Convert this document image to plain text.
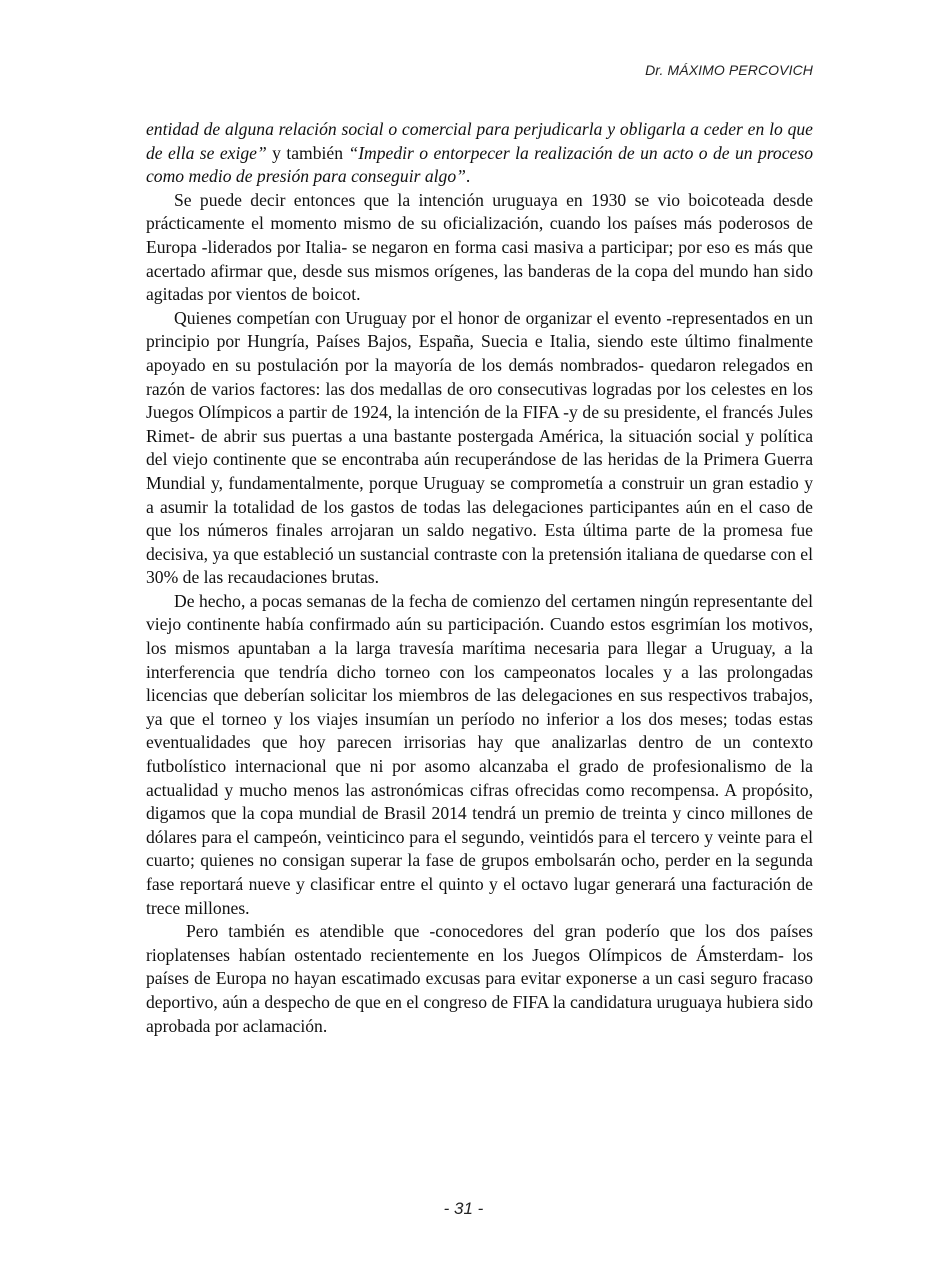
Dr. MÁXIMO PERCOVICH

entidad de alguna relación social o comercial para perjudicarla y obligarla a ceder en lo que de ella se exige” y también “Impedir o entorpecer la realización de un acto o de un proceso como medio de presión para conseguir algo”.

Se puede decir entonces que la intención uruguaya en 1930 se vio boicoteada desde prácticamente el momento mismo de su oficialización, cuando los países más poderosos de Europa -liderados por Italia- se negaron en forma casi masiva a participar; por eso es más que acertado afirmar que, desde sus mismos orígenes, las banderas de la copa del mundo han sido agitadas por vientos de boicot.

Quienes competían con Uruguay por el honor de organizar el evento -representados en un principio por Hungría, Países Bajos, España, Suecia e Italia, siendo este último finalmente apoyado en su postulación por la mayoría de los demás nombrados- quedaron relegados en razón de varios factores: las dos medallas de oro consecutivas logradas por los celestes en los Juegos Olímpicos a partir de 1924, la intención de la FIFA -y de su presidente, el francés Jules Rimet- de abrir sus puertas a una bastante postergada América, la situación social y política del viejo continente que se encontraba aún recuperándose de las heridas de la Primera Guerra Mundial y, fundamentalmente, porque Uruguay se comprometía a construir un gran estadio y a asumir la totalidad de los gastos de todas las delegaciones participantes aún en el caso de que los números finales arrojaran un saldo negativo. Esta última parte de la promesa fue decisiva, ya que estableció un sustancial contraste con la pretensión italiana de quedarse con el 30% de las recaudaciones brutas.

De hecho, a pocas semanas de la fecha de comienzo del certamen ningún representante del viejo continente había confirmado aún su participación. Cuando estos esgrimían los motivos, los mismos apuntaban a la larga travesía marítima necesaria para llegar a Uruguay, a la interferencia que tendría dicho torneo con los campeonatos locales y a las prolongadas licencias que deberían solicitar los miembros de las delegaciones en sus respectivos trabajos, ya que el torneo y los viajes insumían un período no inferior a los dos meses; todas estas eventualidades que hoy parecen irrisorias hay que analizarlas dentro de un contexto futbolístico internacional que ni por asomo alcanzaba el grado de profesionalismo de la actualidad y mucho menos las astronómicas cifras ofrecidas como recompensa. A propósito, digamos que la copa mundial de Brasil 2014 tendrá un premio de treinta y cinco millones de dólares para el campeón, veinticinco para el segundo, veintidós para el tercero y veinte para el cuarto; quienes no consigan superar la fase de grupos embolsarán ocho, perder en la segunda fase reportará nueve y clasificar entre el quinto y el octavo lugar generará una facturación de trece millones.

Pero también es atendible que -conocedores del gran poderío que los dos países rioplatenses habían ostentado recientemente en los Juegos Olímpicos de Ámsterdam- los países de Europa no hayan escatimado excusas para evitar exponerse a un casi seguro fracaso deportivo, aún a despecho de que en el congreso de FIFA la candidatura uruguaya hubiera sido aprobada por aclamación.

- 31 -
